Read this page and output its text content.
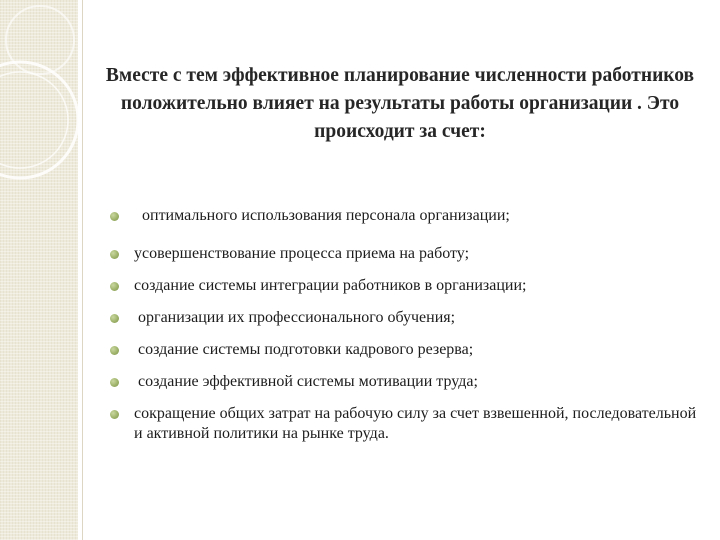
Вместе с тем эффективное планирование численности работников положительно влияет на результаты работы организации . Это происходит за счет:
оптимального использования персонала организации;
усовершенствование процесса приема на работу;
создание системы интеграции работников в организации;
организации их профессионального обучения;
создание системы подготовки кадрового резерва;
создание эффективной системы мотивации труда;
сокращение общих затрат на рабочую силу за счет взвешенной, последовательной и активной политики на рынке труда.
